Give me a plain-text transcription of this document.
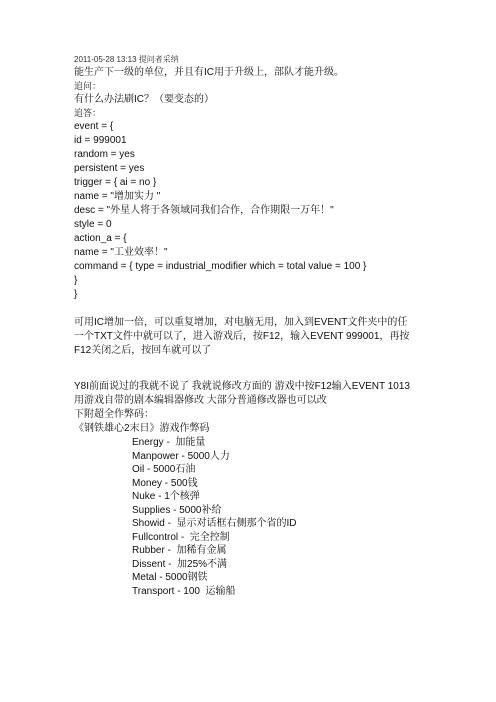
2011-05-28 13:13 提问者采纳
能生产下一级的单位，并且有IC用于升级上，部队才能升级。
追问：
有什么办法刷IC？（要变态的）
追答：
event = {
id = 999001
random = yes
persistent = yes
trigger = { ai = no }
name = "增加实力 "
desc = "外星人将于各领域同我们合作，合作期限一万年！"
style = 0
action_a = {
name = "工业效率！"
command = { type = industrial_modifier which = total value = 100 }
}
}
可用IC增加一倍，可以重复增加，对电脑无用，加入到EVENT文件夹中的任
一个TXT文件中就可以了，进入游戏后，按F12，输入EVENT 999001，再按
F12关闭之后，按回车就可以了
Y8I前面说过的我就不说了 我就说修改方面的 游戏中按F12输入EVENT 1013
用游戏自带的剧本编辑器修改 大部分普通修改器也可以改
下附超全作弊码：
《钢铁雄心2末日》游戏作弊码
Energy -  加能量
Manpower - 5000人力
Oil - 5000石油
Money - 500钱
Nuke - 1个核弹
Supplies - 5000补给
Showid -  显示对话框右侧那个省的ID
Fullcontrol -  完全控制
Rubber -  加稀有金属
Dissent -  加25%不满
Metal - 5000钢铁
Transport - 100  运输船
